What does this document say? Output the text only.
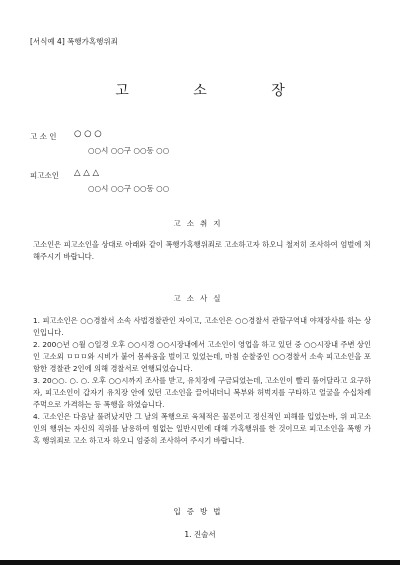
[서식예 4] 폭행가혹행위죄
고	소	장
고 소 인 ○ ○ ○
○○시 ○○구 ○○동 ○○
피고소인 △ △ △
○○시 ○○구 ○○동 ○○
고소취지

고소인은 피고소인을 상대로 아래와 같이 폭행가혹행위죄로 고소하고자 하오니 철저히 조사하여 엄벌에 처해주시기 바랍니다.

고소사실

1. 피고소인은 ○○경찰서 소속 사법경찰관인 자이고, 고소인은 ○○경찰서 관할구역내 야채장사를 하는 상인입니다.

2. 200○년 ○월 ○일경 오후 ○○시경 ○○시장내에서 고소인이 영업을 하고 있던 중 ○○시장내 주변 상인인 고소외 ㅁㅁㅁ와 시비가 붙어 몸싸움을 벌이고 있었는데, 마침 순찰중인 ○○경찰서 소속 피고소인을 포함한 경찰관 2인에 의해 경찰서로 연행되었습니다.

3. 20○○. ○. ○. 오후 ○○시까지 조사를 받고, 유치장에 구금되었는데, 고소인이 빨리 풀어달라고 요구하자, 피고소인이 갑자기 유치장 안에 있던 고소인을 끌어내더니 복부와 허벅지를 구타하고 얼굴을 수십차례 주먹으로 가격하는 등 폭행을 하였습니다.

4. 고소인은 다음날 풀려났지만 그 날의 폭행으로 육체적은 물론이고 정신적인 피해를 입었는바, 위 피고소인의 행위는 자신의 직위를 남용하여 힘없는 일반시민에 대해 가혹행위를 한 것이므로 피고소인을 폭행 가혹 행위죄로 고소 하고자 하오니 엄중히 조사하여 주시기 바랍니다.

입증방법
1. 진술서
